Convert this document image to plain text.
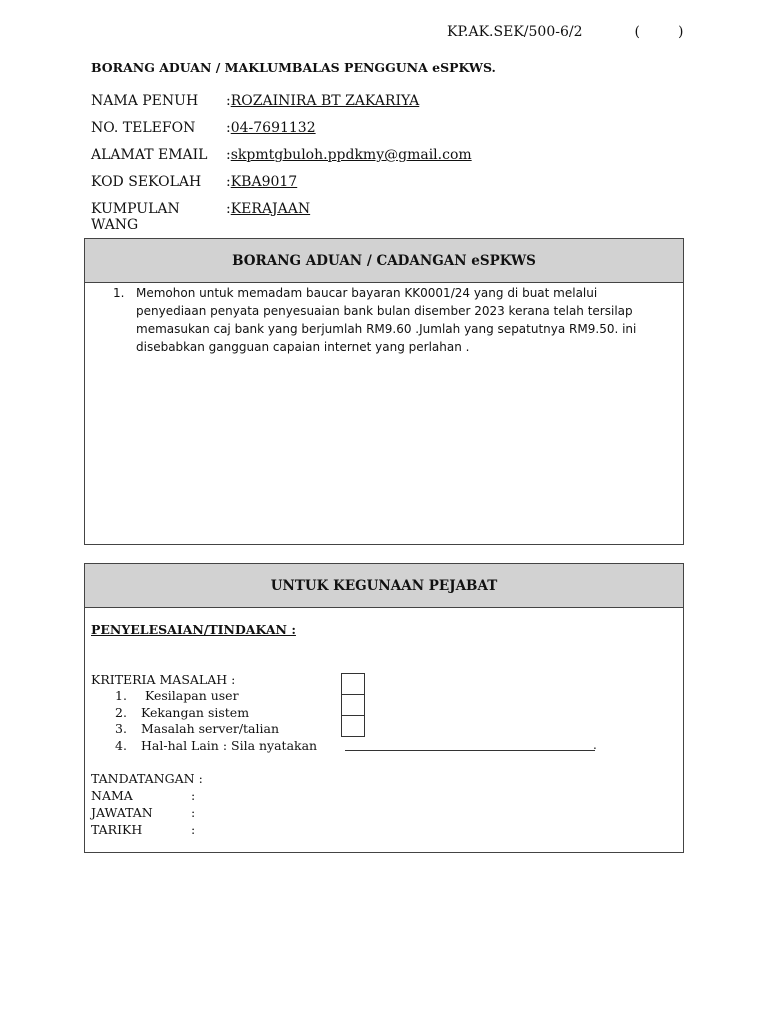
KP.AK.SEK/500-6/2	(	)
BORANG ADUAN / MAKLUMBALAS PENGGUNA eSPKWS.
NAMA PENUH	: ROZAINIRA BT ZAKARIYA
NO. TELEFON	: 04-7691132
ALAMAT EMAIL	: skpmtgbuloh.ppdkmy@gmail.com
KOD SEKOLAH	: KBA9017
KUMPULAN WANG
: KERAJAAN
BORANG ADUAN / CADANGAN eSPKWS

1. Memohon untuk memadam baucar bayaran KK0001/24 yang di buat melalui penyediaan penyata penyesuaian bank bulan disember 2023 kerana telah tersilap memasukan caj bank yang berjumlah RM9.60 .Jumlah yang sepatutnya RM9.50. ini disebabkan gangguan capaian internet yang perlahan .

UNTUK KEGUNAAN PEJABAT
PENYELESAIAN/TINDAKAN :
KRITERIA MASALAH :
1.	Kesilapan user
2.	Kekangan sistem
3.	Masalah server/talian
4.	Hal-hal Lain : Sila nyatakan	.
TANDATANGAN :
NAMA	:
JAWATAN	:
TARIKH	:
